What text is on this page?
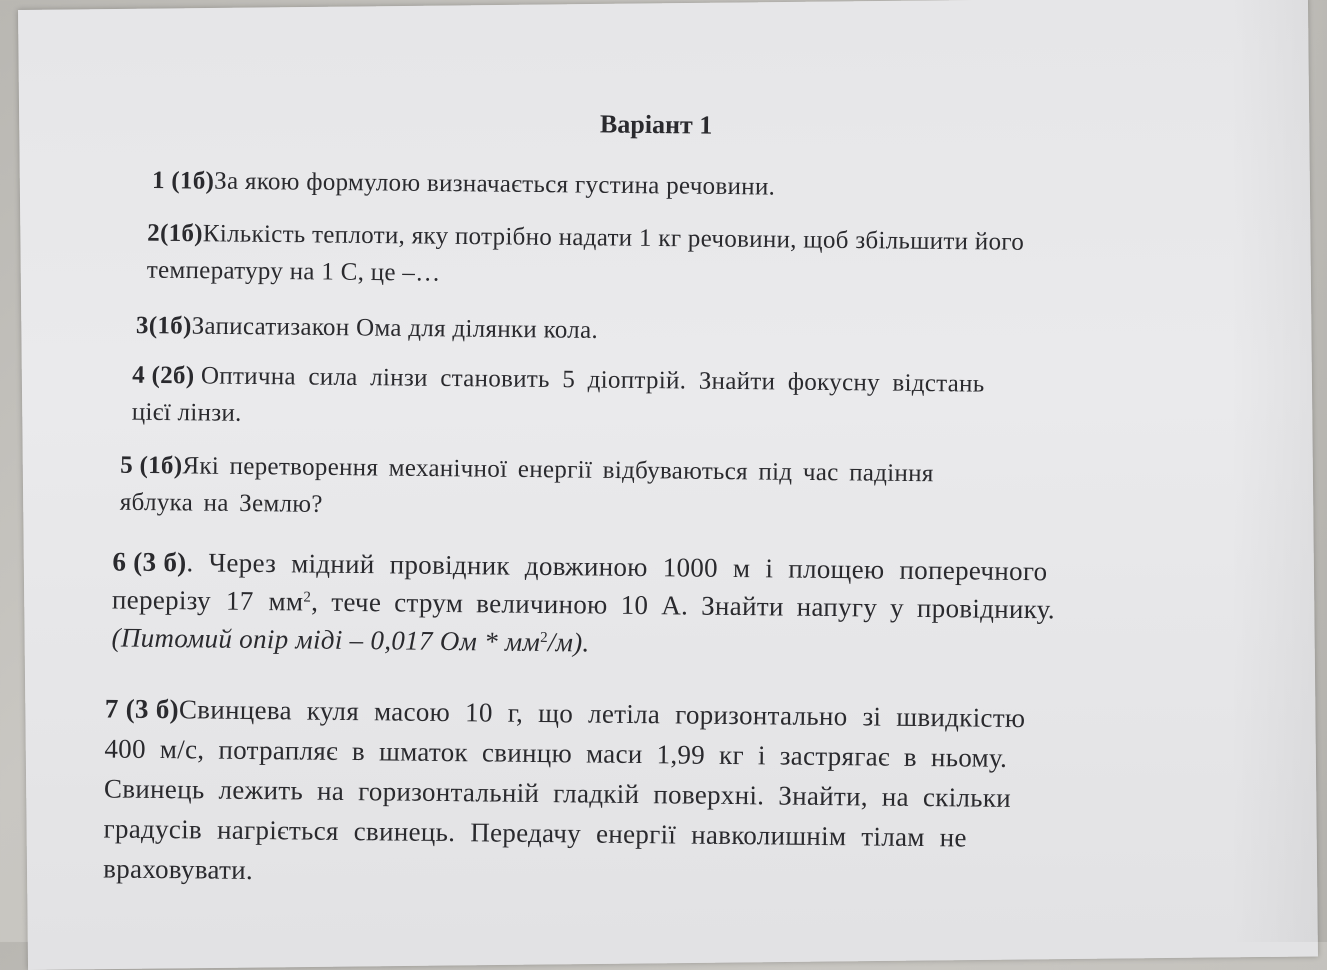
Варіант 1
1 (1б)За якою формулою визначається густина речовини.
2(1б)Кількість теплоти, яку потрібно надати 1 кг речовини, щоб збільшити його
температуру на 1 С, це –…
3(1б)Записатизакон Ома для ділянки кола.
4 (2б) Оптична сила лінзи становить 5 діоптрій. Знайти фокусну відстань
цієї лінзи.
5 (1б)Які перетворення механічної енергії відбуваються під час падіння
яблука на Землю?
6 (3 б). Через мідний провідник довжиною 1000 м і площею поперечного
перерізу 17 $мм^2$, тече струм величиною 10 А. Знайти напугу у провіднику.
(Питомий опір міді – 0,017 Ом * $мм^2/м$).
7 (3 б)Свинцева куля масою 10 г, що летіла горизонтально зі швидкістю
400 м/с, потрапляє в шматок свинцю маси 1,99 кг і застрягає в ньому.
Свинець лежить на горизонтальній гладкій поверхні. Знайти, на скільки
градусів нагріється свинець. Передачу енергії навколишнім тілам не
враховувати.
